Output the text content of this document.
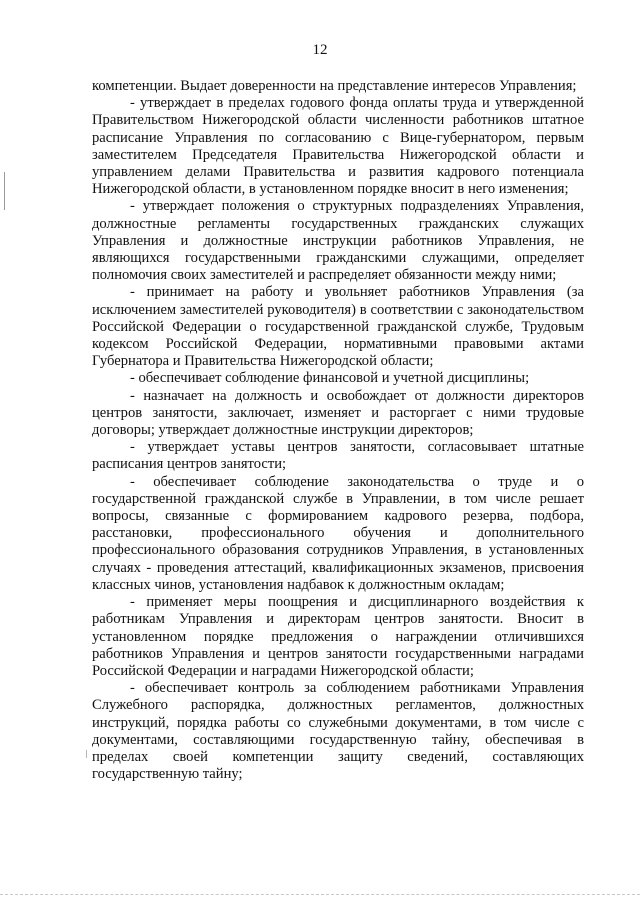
12

компетенции. Выдает доверенности на представление интересов Управления;

- утверждает в пределах годового фонда оплаты труда и утвержденной Правительством Нижегородской области численности работников штатное расписание Управления по согласованию с Вице-губернатором, первым заместителем Председателя Правительства Нижегородской области и управлением делами Правительства и развития кадрового потенциала Нижегородской области, в установленном порядке вносит в него изменения;

- утверждает положения о структурных подразделениях Управления, должностные регламенты государственных гражданских служащих Управления и должностные инструкции работников Управления, не являющихся государственными гражданскими служащими, определяет полномочия своих заместителей и распределяет обязанности между ними;

- принимает на работу и увольняет работников Управления (за исключением заместителей руководителя) в соответствии с законодательством Российской Федерации о государственной гражданской службе, Трудовым кодексом Российской Федерации, нормативными правовыми актами Губернатора и Правительства Нижегородской области;

- обеспечивает соблюдение финансовой и учетной дисциплины;

- назначает на должность и освобождает от должности директоров центров занятости, заключает, изменяет и расторгает с ними трудовые договоры; утверждает должностные инструкции директоров;

- утверждает уставы центров занятости, согласовывает штатные расписания центров занятости;

- обеспечивает соблюдение законодательства о труде и о государственной гражданской службе в Управлении, в том числе решает вопросы, связанные с формированием кадрового резерва, подбора, расстановки, профессионального обучения и дополнительного профессионального образования сотрудников Управления, в установленных случаях - проведения аттестаций, квалификационных экзаменов, присвоения классных чинов, установления надбавок к должностным окладам;

- применяет меры поощрения и дисциплинарного воздействия к работникам Управления и директорам центров занятости. Вносит в установленном порядке предложения о награждении отличившихся работников Управления и центров занятости государственными наградами Российской Федерации и наградами Нижегородской области;

- обеспечивает контроль за соблюдением работниками Управления Служебного распорядка, должностных регламентов, должностных инструкций, порядка работы со служебными документами, в том числе с документами, составляющими государственную тайну, обеспечивая в пределах своей компетенции защиту сведений, составляющих государственную тайну;
